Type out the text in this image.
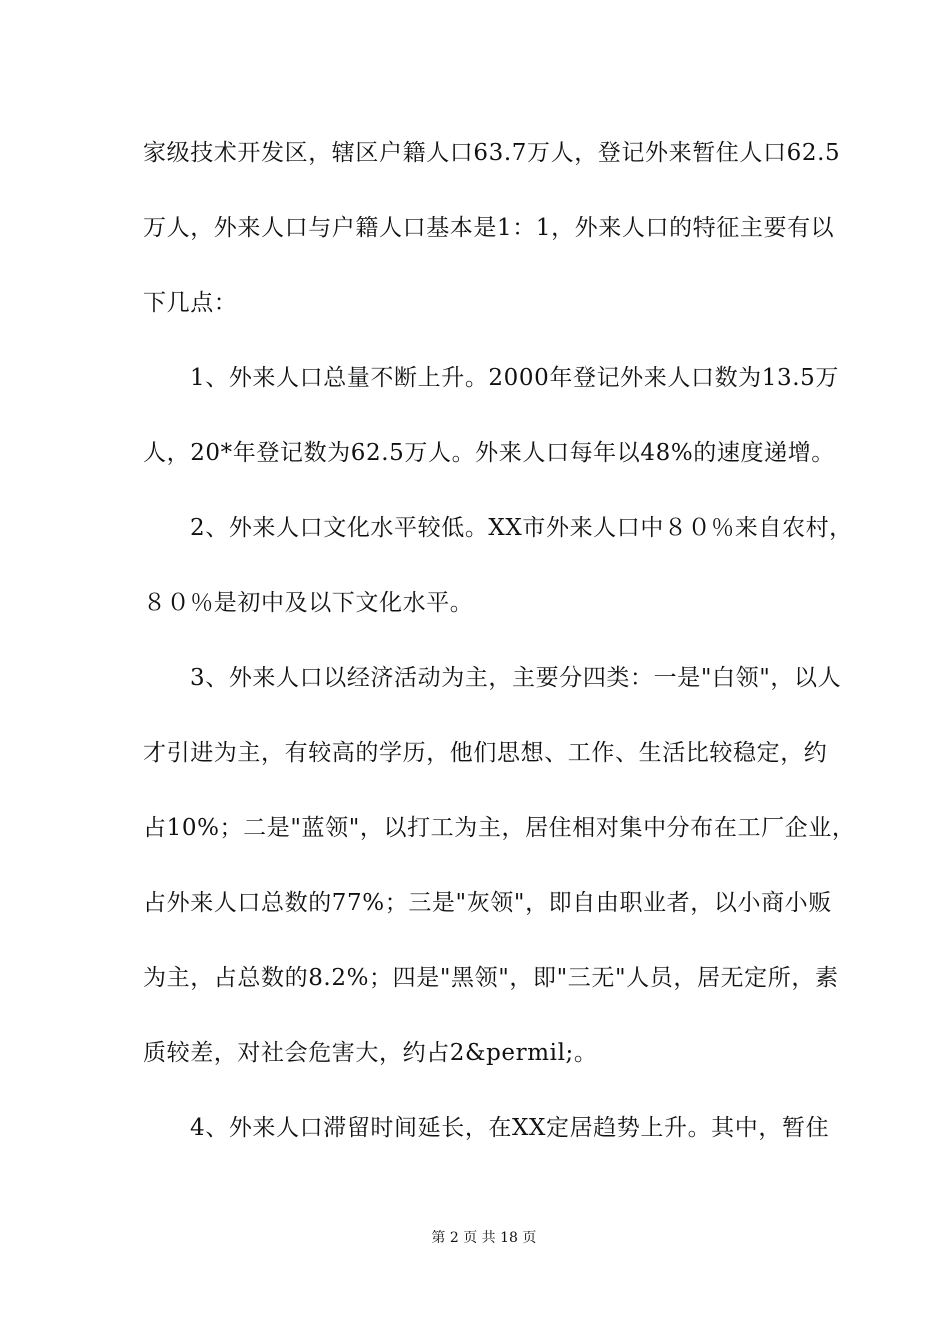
家级技术开发区，辖区户籍人口63.7万人，登记外来暂住人口62.5
万人，外来人口与户籍人口基本是1：1，外来人口的特征主要有以
下几点：
1、外来人口总量不断上升。2000年登记外来人口数为13.5万
人，20*年登记数为62.5万人。外来人口每年以48%的速度递增。
2、外来人口文化水平较低。XX市外来人口中８０％来自农村，
８０％是初中及以下文化水平。
3、外来人口以经济活动为主，主要分四类：一是"白领"，以人
才引进为主，有较高的学历，他们思想、工作、生活比较稳定，约
占10%；二是"蓝领"，以打工为主，居住相对集中分布在工厂企业，
占外来人口总数的77%；三是"灰领"，即自由职业者，以小商小贩
为主，占总数的8.2%；四是"黑领"，即"三无"人员，居无定所，素
质较差，对社会危害大，约占2&permil;。
4、外来人口滞留时间延长，在XX定居趋势上升。其中，暂住

第 2 页 共 18 页
